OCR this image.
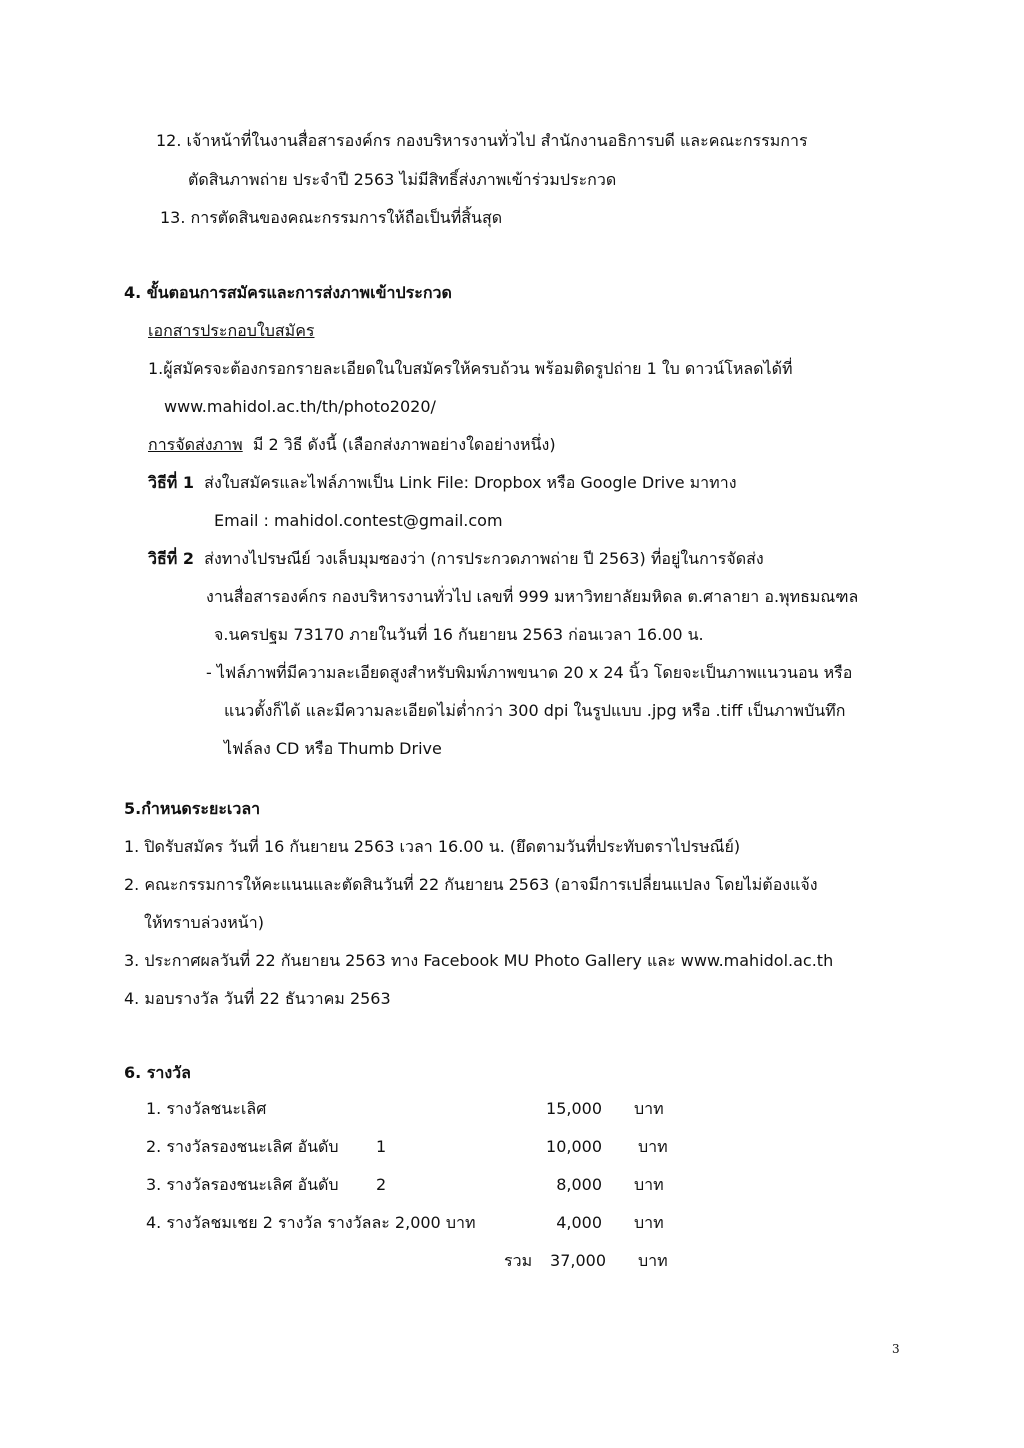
12. เจ้าหน้าที่ในงานสื่อสารองค์กร กองบริหารงานทั่วไป สำนักงานอธิการบดี และคณะกรรมการ
ตัดสินภาพถ่าย ประจำปี 2563 ไม่มีสิทธิ์ส่งภาพเข้าร่วมประกวด
13. การตัดสินของคณะกรรมการให้ถือเป็นที่สิ้นสุด
4. ขั้นตอนการสมัครและการส่งภาพเข้าประกวด
เอกสารประกอบใบสมัคร
1.ผู้สมัครจะต้องกรอกรายละเอียดในใบสมัครให้ครบถ้วน พร้อมติดรูปถ่าย 1 ใบ ดาวน์โหลดได้ที่
www.mahidol.ac.th/th/photo2020/
การจัดส่งภาพ มี 2 วิธี ดังนี้ (เลือกส่งภาพอย่างใดอย่างหนึ่ง)
วิธีที่ 1 ส่งใบสมัครและไฟล์ภาพเป็น Link File: Dropbox หรือ Google Drive มาทาง
Email : mahidol.contest@gmail.com
วิธีที่ 2 ส่งทางไปรษณีย์ วงเล็บมุมซองว่า (การประกวดภาพถ่าย ปี 2563) ที่อยู่ในการจัดส่ง
งานสื่อสารองค์กร กองบริหารงานทั่วไป เลขที่ 999 มหาวิทยาลัยมหิดล ต.ศาลายา อ.พุทธมณฑล
จ.นครปฐม 73170 ภายในวันที่ 16 กันยายน 2563 ก่อนเวลา 16.00 น.
- ไฟล์ภาพที่มีความละเอียดสูงสำหรับพิมพ์ภาพขนาด 20 x 24 นิ้ว โดยจะเป็นภาพแนวนอน หรือ
แนวตั้งก็ได้ และมีความละเอียดไม่ต่ำกว่า 300 dpi ในรูปแบบ .jpg หรือ .tiff เป็นภาพบันทึก
ไฟล์ลง CD หรือ Thumb Drive
5.กำหนดระยะเวลา
1. ปิดรับสมัคร วันที่ 16 กันยายน 2563 เวลา 16.00 น. (ยึดตามวันที่ประทับตราไปรษณีย์)
2. คณะกรรมการให้คะแนนและตัดสินวันที่ 22 กันยายน 2563 (อาจมีการเปลี่ยนแปลง โดยไม่ต้องแจ้ง
ให้ทราบล่วงหน้า)
3. ประกาศผลวันที่ 22 กันยายน 2563 ทาง Facebook MU Photo Gallery และ www.mahidol.ac.th
4. มอบรางวัล วันที่ 22 ธันวาคม 2563
6. รางวัล
1. รางวัลชนะเลิศ	15,000 บาท
2. รางวัลรองชนะเลิศ อันดับ 1	10,000 บาท
3. รางวัลรองชนะเลิศ อันดับ 2	8,000 บาท
4. รางวัลชมเชย 2 รางวัล รางวัลละ 2,000 บาท	4,000 บาท
รวม	37,000 บาท
3
